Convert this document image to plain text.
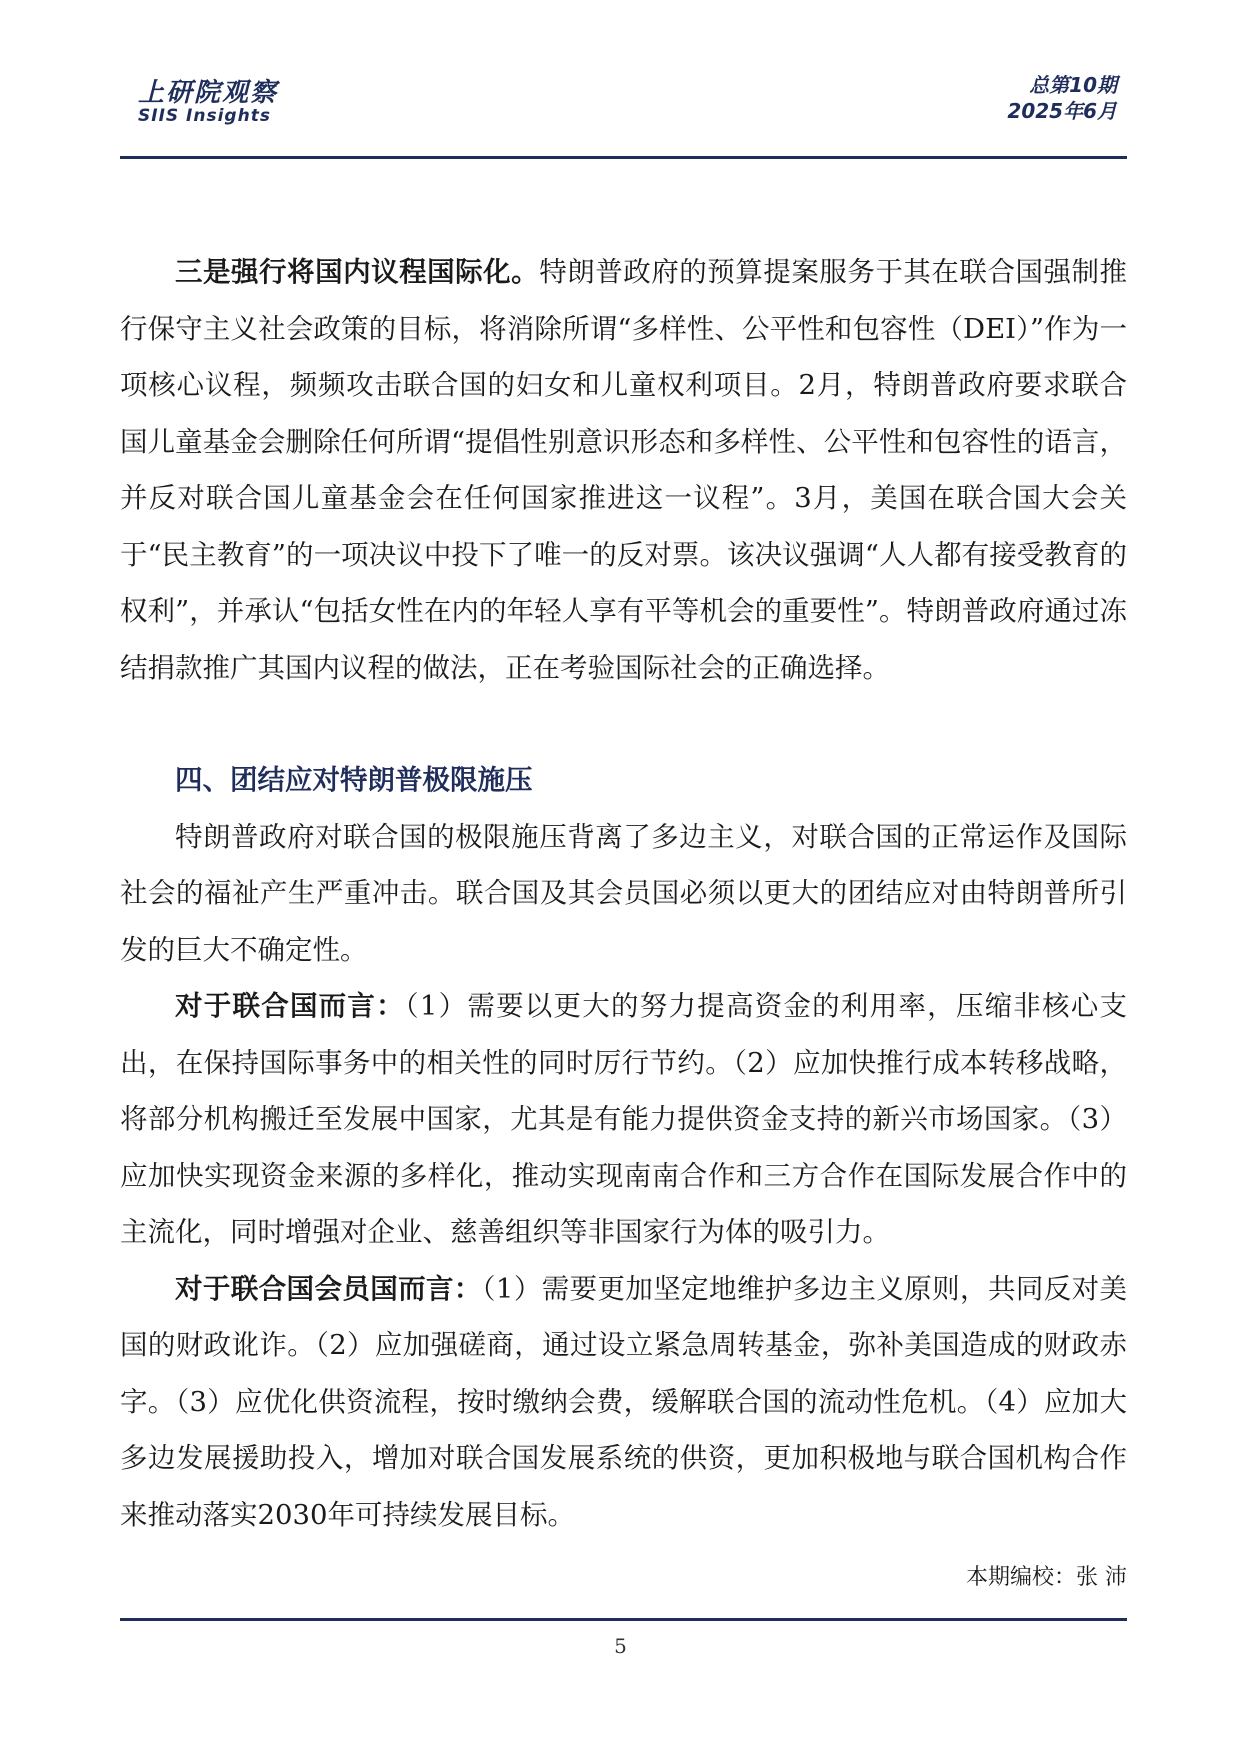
上研院观察
SIIS Insights
总第10期
2025年6月

三是强行将国内议程国际化。特朗普政府的预算提案服务于其在联合国强制推行保守主义社会政策的目标，将消除所谓“多样性、公平性和包容性（DEI）”作为一项核心议程，频频攻击联合国的妇女和儿童权利项目。2月，特朗普政府要求联合国儿童基金会删除任何所谓“提倡性别意识形态和多样性、公平性和包容性的语言，并反对联合国儿童基金会在任何国家推进这一议程”。3月，美国在联合国大会关于“民主教育”的一项决议中投下了唯一的反对票。该决议强调“人人都有接受教育的权利”，并承认“包括女性在内的年轻人享有平等机会的重要性”。特朗普政府通过冻结捐款推广其国内议程的做法，正在考验国际社会的正确选择。

四、团结应对特朗普极限施压

特朗普政府对联合国的极限施压背离了多边主义，对联合国的正常运作及国际社会的福祉产生严重冲击。联合国及其会员国必须以更大的团结应对由特朗普所引发的巨大不确定性。

对于联合国而言：（1）需要以更大的努力提高资金的利用率，压缩非核心支出，在保持国际事务中的相关性的同时厉行节约。（2）应加快推行成本转移战略，将部分机构搬迁至发展中国家，尤其是有能力提供资金支持的新兴市场国家。（3）应加快实现资金来源的多样化，推动实现南南合作和三方合作在国际发展合作中的主流化，同时增强对企业、慈善组织等非国家行为体的吸引力。

对于联合国会员国而言：（1）需要更加坚定地维护多边主义原则，共同反对美国的财政讹诈。（2）应加强磋商，通过设立紧急周转基金，弥补美国造成的财政赤字。（3）应优化供资流程，按时缴纳会费，缓解联合国的流动性危机。（4）应加大多边发展援助投入，增加对联合国发展系统的供资，更加积极地与联合国机构合作来推动落实2030年可持续发展目标。

本期编校：张 沛
5
